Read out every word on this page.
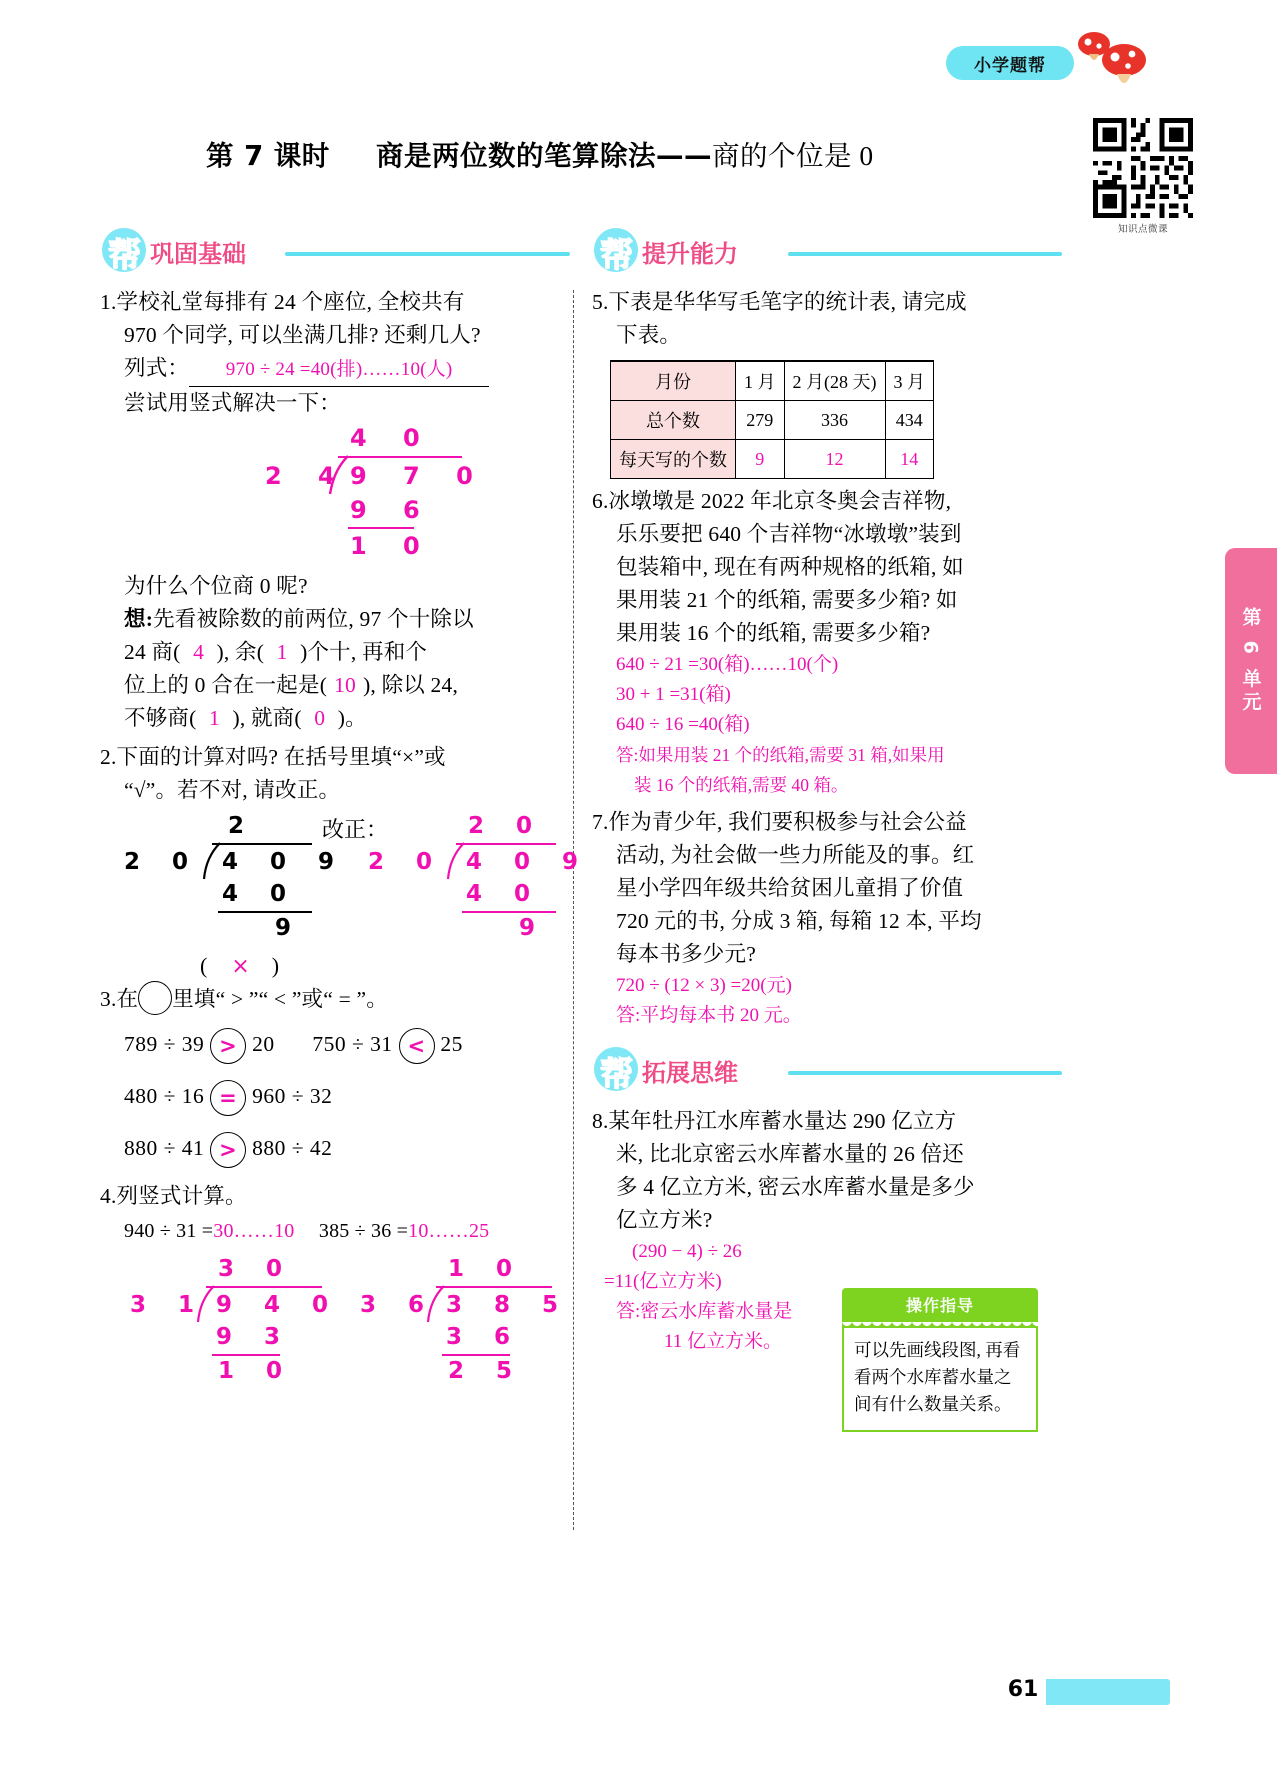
小学题帮
知识点微课
第 7 课时 商是两位数的笔算除法——商的个位是 0
帮 巩固基础
1.学校礼堂每排有 24 个座位, 全校共有
970 个同学, 可以坐满几排? 还剩几人?
列式： 970 ÷ 24 =40(排)……10(人)
尝试用竖式解决一下：
4 0
2 4 9 7 0
9 6
1 0
为什么个位商 0 呢?
想:先看被除数的前两位, 97 个十除以
24 商( 4 ), 余( 1 )个十, 再和个
位上的 0 合在一起是( 10 ), 除以 24,
不够商( 1 ), 就商( 0 )。
2.下面的计算对吗? 在括号里填“×”或
“√”。若不对, 请改正。
2
2 0 4 0 9
4 0
9
( × )
改正：	2 0
2 0 4 0 9
4 0
9
3.在 里填“ > ”“ < ”或“ = ”。
789 ÷ 39 > 20 750 ÷ 31 < 25
480 ÷ 16 = 960 ÷ 32
880 ÷ 41 > 880 ÷ 42
4.列竖式计算。
940 ÷ 31 =30……10 385 ÷ 36 =10……25
3 0
3 1 9 4 0
9 3
1 0
1 0
3 6 3 8 5
3 6
2 5
帮 提升能力
5.下表是华华写毛笔字的统计表, 请完成
下表。
月份	1 月	2 月(28 天)	3 月
总个数	279	336	434
每天写的个数	9	12	14
6.冰墩墩是 2022 年北京冬奥会吉祥物,
乐乐要把 640 个吉祥物“冰墩墩”装到
包装箱中, 现在有两种规格的纸箱, 如
果用装 21 个的纸箱, 需要多少箱? 如
果用装 16 个的纸箱, 需要多少箱?
640 ÷ 21 =30(箱)……10(个)
30 + 1 =31(箱)
640 ÷ 16 =40(箱)
答:如果用装 21 个的纸箱,需要 31 箱,如果用
装 16 个的纸箱,需要 40 箱。
7.作为青少年, 我们要积极参与社会公益
活动, 为社会做一些力所能及的事。红
星小学四年级共给贫困儿童捐了价值
720 元的书, 分成 3 箱, 每箱 12 本, 平均
每本书多少元?
720 ÷ (12 × 3) =20(元)
答:平均每本书 20 元。
帮 拓展思维
8.某年牡丹江水库蓄水量达 290 亿立方
米, 比北京密云水库蓄水量的 26 倍还
多 4 亿立方米, 密云水库蓄水量是多少
亿立方米?
(290 − 4) ÷ 26
=11(亿立方米)
答:密云水库蓄水量是
11 亿立方米。
操作指导
可以先画线段图, 再看看两个水库蓄水量之间有什么数量关系。
第 6 单元
61
